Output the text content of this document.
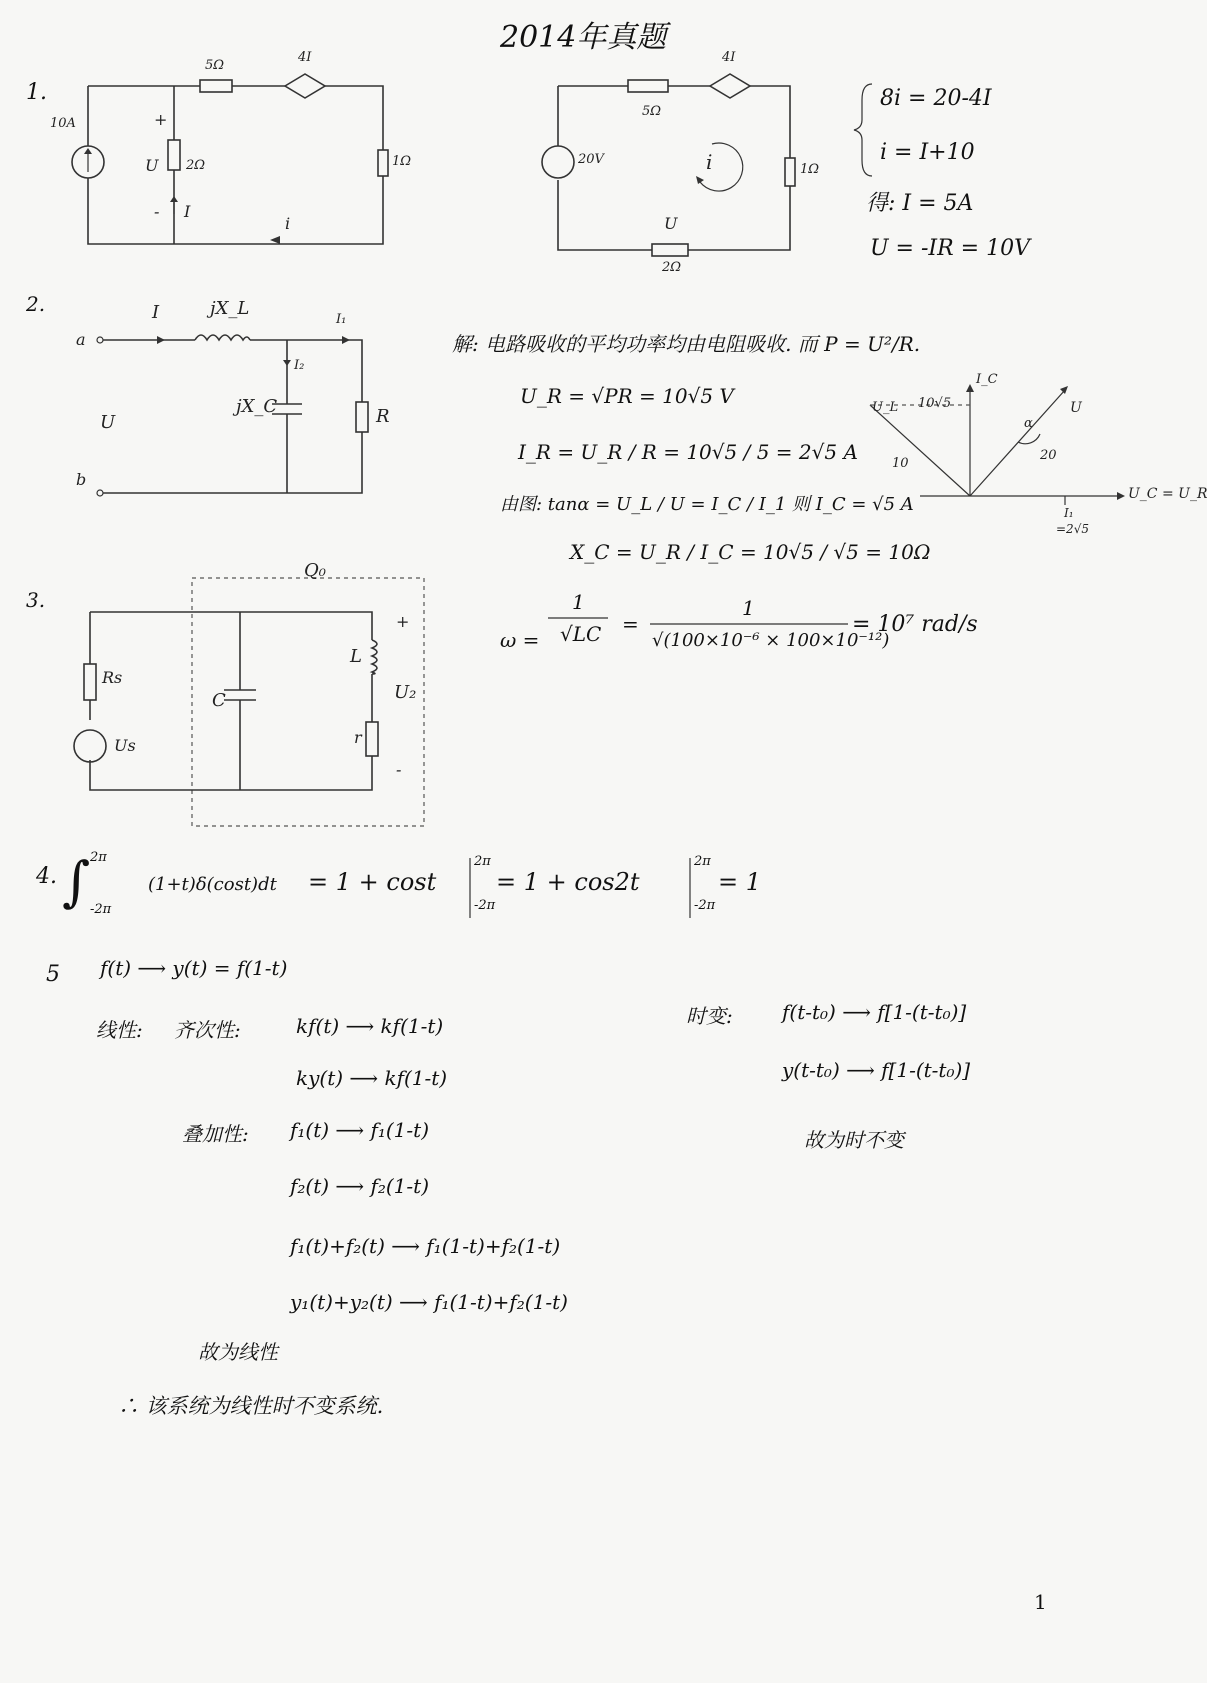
2014年真题
1.
∫
10A
5Ω
4I
2Ω	1Ω
U
+
- I
i
20V
5Ω
4I
1Ω
2Ω
U
i
8i = 20-4I
i = I+10
得: I = 5A
U = -IR = 10V
2.
a
b
I	jX_L
I₁
I₂
jX_C	R
U
解: 电路吸收的平均功率均由电阻吸收. 而 P = U²/R.
U_R = √PR = 10√5 V
I_R = U_R / R = 10√5 / 5 = 2√5 A
由图: tanα = U_L / U = I_C / I_1 则 I_C = √5 A
X_C = U_R / I_C = 10√5 / √5 = 10Ω
U_L 10√5
I_C
U
10
20
α
U_C = U_R
I₁
=2√5
3.
Q₀
Rs
Us
C
L
r
U₂
+
-
ω =
1
√LC =
1
√(100×10⁻⁶ × 100×10⁻¹²)
= 10⁷ rad/s
4.
2π
-2π
(1+t)δ(cost)dt = 1 + cost
2π
-2π
= 1 + cos2t
2π
-2π
= 1
5 f(t) ⟶ y(t) = f(1-t)
线性: 齐次性:	kf(t) ⟶ kf(1-t)
ky(t) ⟶ kf(1-t)
叠加性: f₁(t) ⟶ f₁(1-t)
f₂(t) ⟶ f₂(1-t)
f₁(t)+f₂(t) ⟶ f₁(1-t)+f₂(1-t)
y₁(t)+y₂(t) ⟶ f₁(1-t)+f₂(1-t)
故为线性
∴ 该系统为线性时不变系统.
时变: f(t-t₀) ⟶ f[1-(t-t₀)]
y(t-t₀) ⟶ f[1-(t-t₀)]
故为时不变
1
